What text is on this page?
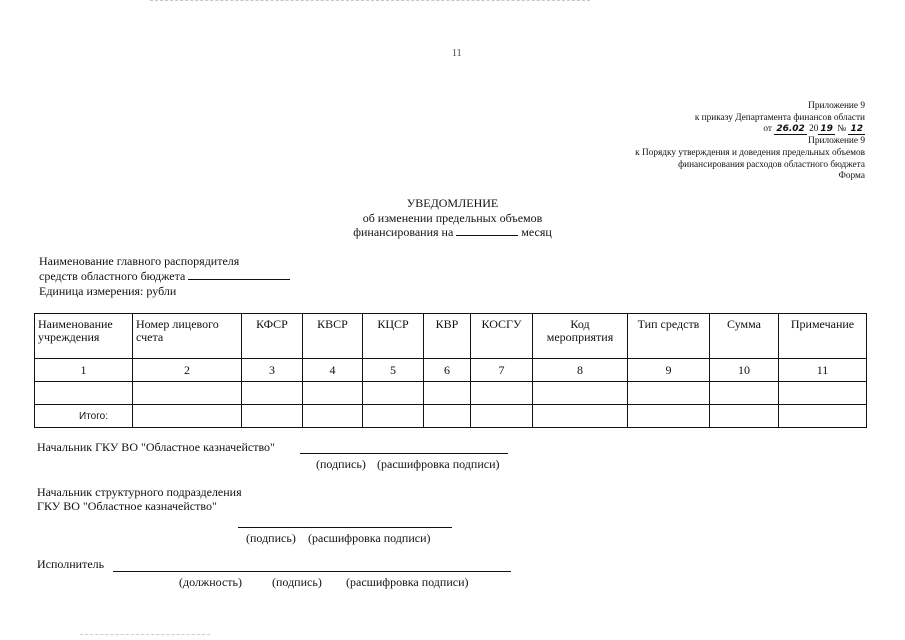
11
Приложение 9
к приказу Департамента финансов области
от 26.02 20 19 № 12
Приложение 9
к Порядку утверждения и доведения предельных объемов
финансирования расходов областного бюджета
Форма
УВЕДОМЛЕНИЕ
об изменении предельных объемов
финансирования на	месяц
Наименование главного распорядителя
средств областного бюджета
Единица измерения: рубли
Наименование учреждения	Номер лицевого счета	КФСР	КВСР	КЦСР	КВР	КОСГУ	Код мероприятия	Тип средств	Сумма	Примечание
1	2	3	4	5	6	7	8	9	10	11

Итого:										
Начальник ГКУ ВО "Областное казначейство"
(подпись) (расшифровка подписи)
Начальник структурного подразделения
ГКУ ВО "Областное казначейство"
(подпись) (расшифровка подписи)
Исполнитель
(должность)	(подпись) (расшифровка подписи)
